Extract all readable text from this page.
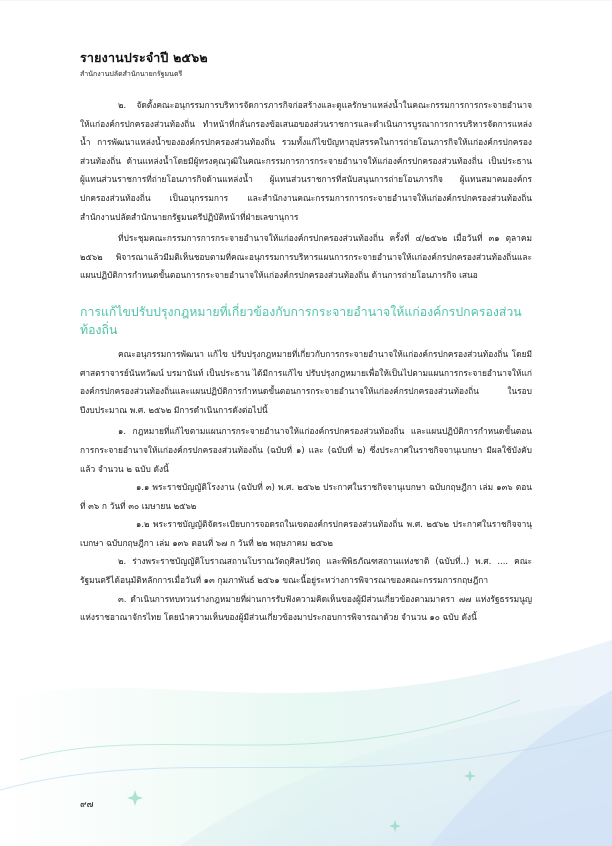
รายงานประจำปี ๒๕๖๒
สำนักงานปลัดสำนักนายกรัฐมนตรี

๒. จัดตั้งคณะอนุกรรมการบริหารจัดการภารกิจก่อสร้างและดูแลรักษาแหล่งน้ำในคณะกรรมการการกระจายอำนาจให้แก่องค์กรปกครองส่วนท้องถิ่น ทำหน้าที่กลั่นกรองข้อเสนอของส่วนราชการและดำเนินการบูรณาการการบริหารจัดการแหล่งน้ำ การพัฒนาแหล่งน้ำขององค์กรปกครองส่วนท้องถิ่น รวมทั้งแก้ไขปัญหาอุปสรรคในการถ่ายโอนภารกิจให้แก่องค์กรปกครองส่วนท้องถิ่น ด้านแหล่งน้ำโดยมีผู้ทรงคุณวุฒิในคณะกรรมการการกระจายอำนาจให้แก่องค์กรปกครองส่วนท้องถิ่น เป็นประธาน ผู้แทนส่วนราชการที่ถ่ายโอนภารกิจด้านแหล่งน้ำ ผู้แทนส่วนราชการที่สนับสนุนการถ่ายโอนภารกิจ ผู้แทนสมาคมองค์กรปกครองส่วนท้องถิ่น เป็นอนุกรรมการ และสำนักงานคณะกรรมการการกระจายอำนาจให้แก่องค์กรปกครองส่วนท้องถิ่น สำนักงานปลัดสำนักนายกรัฐมนตรีปฏิบัติหน้าที่ฝ่ายเลขานุการ

ที่ประชุมคณะกรรมการการกระจายอำนาจให้แก่องค์กรปกครองส่วนท้องถิ่น ครั้งที่ ๔/๒๕๖๒ เมื่อวันที่ ๓๑ ตุลาคม ๒๕๖๒ พิจารณาแล้วมีมติเห็นชอบตามที่คณะอนุกรรมการบริหารแผนการกระจายอำนาจให้แก่องค์กรปกครองส่วนท้องถิ่นและแผนปฏิบัติการกำหนดขั้นตอนการกระจายอำนาจให้แก่องค์กรปกครองส่วนท้องถิ่น ด้านการถ่ายโอนภารกิจ เสนอ

การแก้ไขปรับปรุงกฎหมายที่เกี่ยวข้องกับการกระจายอำนาจให้แก่องค์กรปกครองส่วนท้องถิ่น

คณะอนุกรรมการพัฒนา แก้ไข ปรับปรุงกฎหมายที่เกี่ยวกับการกระจายอำนาจให้แก่องค์กรปกครองส่วนท้องถิ่น โดยมีศาสตราจารย์นันทวัฒน์ บรมานันท์ เป็นประธาน ได้มีการแก้ไข ปรับปรุงกฎหมายเพื่อให้เป็นไปตามแผนการกระจายอำนาจให้แก่องค์กรปกครองส่วนท้องถิ่นและแผนปฏิบัติการกำหนดขั้นตอนการกระจายอำนาจให้แก่องค์กรปกครองส่วนท้องถิ่น ในรอบปีงบประมาณ พ.ศ. ๒๕๖๒ มีการดำเนินการดังต่อไปนี้

๑. กฎหมายที่แก้ไขตามแผนการกระจายอำนาจให้แก่องค์กรปกครองส่วนท้องถิ่น และแผนปฏิบัติการกำหนดขั้นตอนการกระจายอำนาจให้แก่องค์กรปกครองส่วนท้องถิ่น (ฉบับที่ ๑) และ (ฉบับที่ ๒) ซึ่งประกาศในราชกิจจานุเบกษา มีผลใช้บังคับแล้ว จำนวน ๒ ฉบับ ดังนี้

๑.๑ พระราชบัญญัติโรงงาน (ฉบับที่ ๓) พ.ศ. ๒๕๖๒ ประกาศในราชกิจจานุเบกษา ฉบับกฤษฎีกา เล่ม ๑๓๖ ตอนที่ ๓๖ ก วันที่ ๓๐ เมษายน ๒๕๖๒

๑.๒ พระราชบัญญัติจัดระเบียบการจอดรถในเขตองค์กรปกครองส่วนท้องถิ่น พ.ศ. ๒๕๖๒ ประกาศในราชกิจจานุเบกษา ฉบับกฤษฎีกา เล่ม ๑๓๖ ตอนที่ ๖๗ ก วันที่ ๒๒ พฤษภาคม ๒๕๖๒

๒. ร่างพระราชบัญญัติโบราณสถานโบราณวัตถุศิลปวัตถุ และพิพิธภัณฑสถานแห่งชาติ (ฉบับที่..) พ.ศ. .... คณะรัฐมนตรีได้อนุมัติหลักการเมื่อวันที่ ๑๓ กุมภาพันธ์ ๒๕๖๑ ขณะนี้อยู่ระหว่างการพิจารณาของคณะกรรมการกฤษฎีกา

๓. ดำเนินการทบทวนร่างกฎหมายที่ผ่านการรับฟังความคิดเห็นของผู้มีส่วนเกี่ยวข้องตามมาตรา ๗๗ แห่งรัฐธรรมนูญแห่งราชอาณาจักรไทย โดยนำความเห็นของผู้มีส่วนเกี่ยวข้องมาประกอบการพิจารณาด้วย จำนวน ๑๐ ฉบับ ดังนี้

๙๗
